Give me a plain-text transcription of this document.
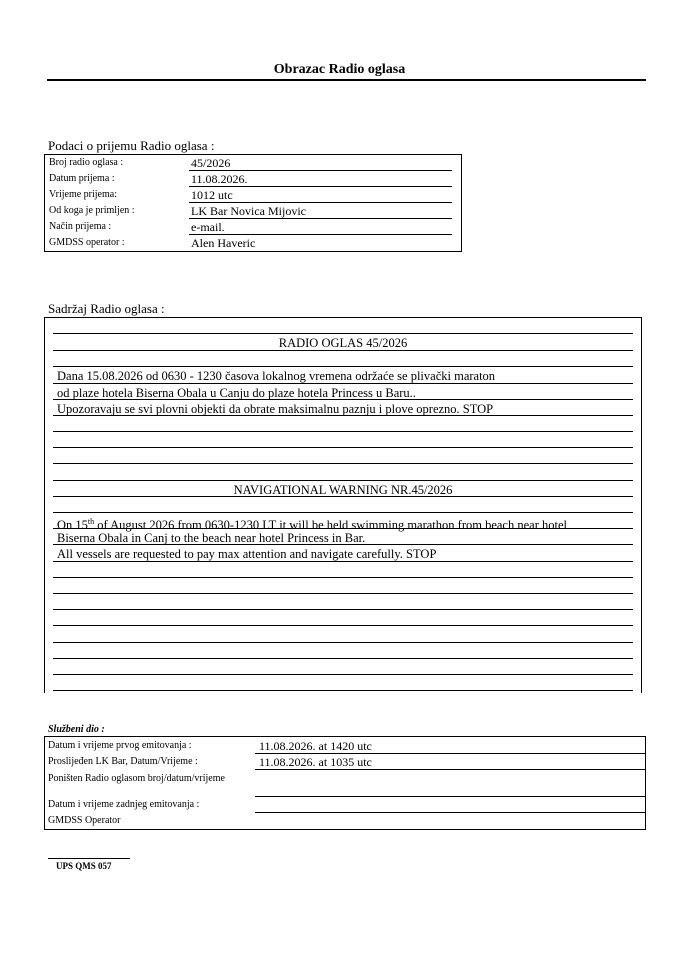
Obrazac Radio oglasa
Podaci o prijemu Radio oglasa :
Broj radio oglasa :	45/2026
Datum prijema :	11.08.2026.
Vrijeme prijema:	1012 utc
Od koga je primljen :	LK Bar Novica Mijovic
Način prijema :	e-mail.
GMDSS operator :	Alen Haveric
Sadržaj Radio oglasa :
RADIO OGLAS 45/2026
Dana 15.08.2026 od 0630 - 1230 časova lokalnog vremena održaće se plivački maraton
od plaze hotela Biserna Obala u Canju do plaze hotela Princess u Baru..
Upozoravaju se svi plovni objekti da obrate maksimalnu paznju i plove oprezno. STOP
NAVIGATIONAL WARNING NR.45/2026
On 15th of August 2026 from 0630-1230 LT it will be held swimming marathon from beach near hotel
Biserna Obala in Canj to the beach near hotel Princess in Bar.
All vessels are requested to pay max attention and navigate carefully. STOP
Službeni dio :
Datum i vrijeme prvog emitovanja :	11.08.2026. at 1420 utc
Proslijeđen LK Bar, Datum/Vrijeme :	11.08.2026. at 1035 utc
Poništen Radio oglasom broj/datum/vrijeme
Datum i vrijeme zadnjeg emitovanja :
GMDSS Operator
UPS QMS 057
